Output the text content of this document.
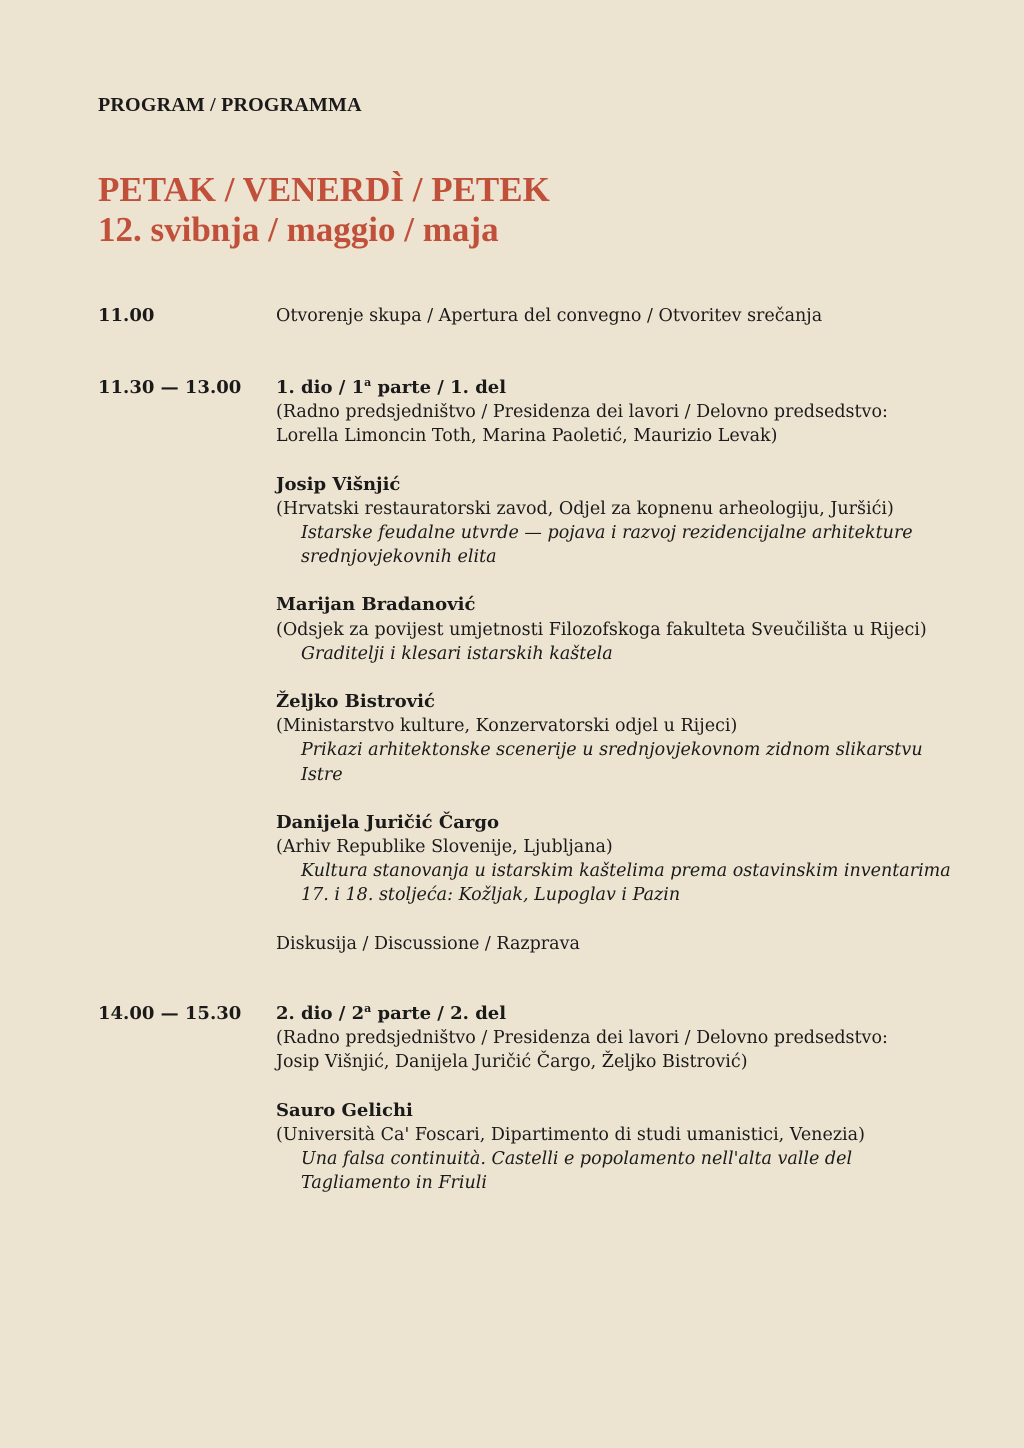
PROGRAM / PROGRAMMA
PETAK / VENERDÌ / PETEK
12. svibnja / maggio / maja
11.00	Otvorenje skupa / Apertura del convegno / Otvoritev srečanja
11.30 — 13.00 1. dio / 1$^a$ parte / 1. del
(Radno predsjedništvo / Presidenza dei lavori / Delovno predsedstvo:
Lorella Limoncin Toth, Marina Paoletić, Maurizio Levak)
Josip Višnjić
(Hrvatski restauratorski zavod, Odjel za kopnenu arheologiju, Juršići)
Istarske feudalne utvrde — pojava i razvoj rezidencijalne arhitekture srednjovjekovnih elita
Marijan Bradanović
(Odsjek za povijest umjetnosti Filozofskoga fakulteta Sveučilišta u Rijeci)
Graditelji i klesari istarskih kaštela
Željko Bistrović
(Ministarstvo kulture, Konzervatorski odjel u Rijeci)
Prikazi arhitektonske scenerije u srednjovjekovnom zidnom slikarstvu Istre
Danijela Juričić Čargo
(Arhiv Republike Slovenije, Ljubljana)
Kultura stanovanja u istarskim kaštelima prema ostavinskim inventarima 17. i 18. stoljeća: Kožljak, Lupoglav i Pazin
Diskusija / Discussione / Razprava
14.00 — 15.30 2. dio / 2$^a$ parte / 2. del
(Radno predsjedništvo / Presidenza dei lavori / Delovno predsedstvo:
Josip Višnjić, Danijela Juričić Čargo, Željko Bistrović)
Sauro Gelichi
(Università Ca' Foscari, Dipartimento di studi umanistici, Venezia)
Una falsa continuità. Castelli e popolamento nell'alta valle del Tagliamento in Friuli
